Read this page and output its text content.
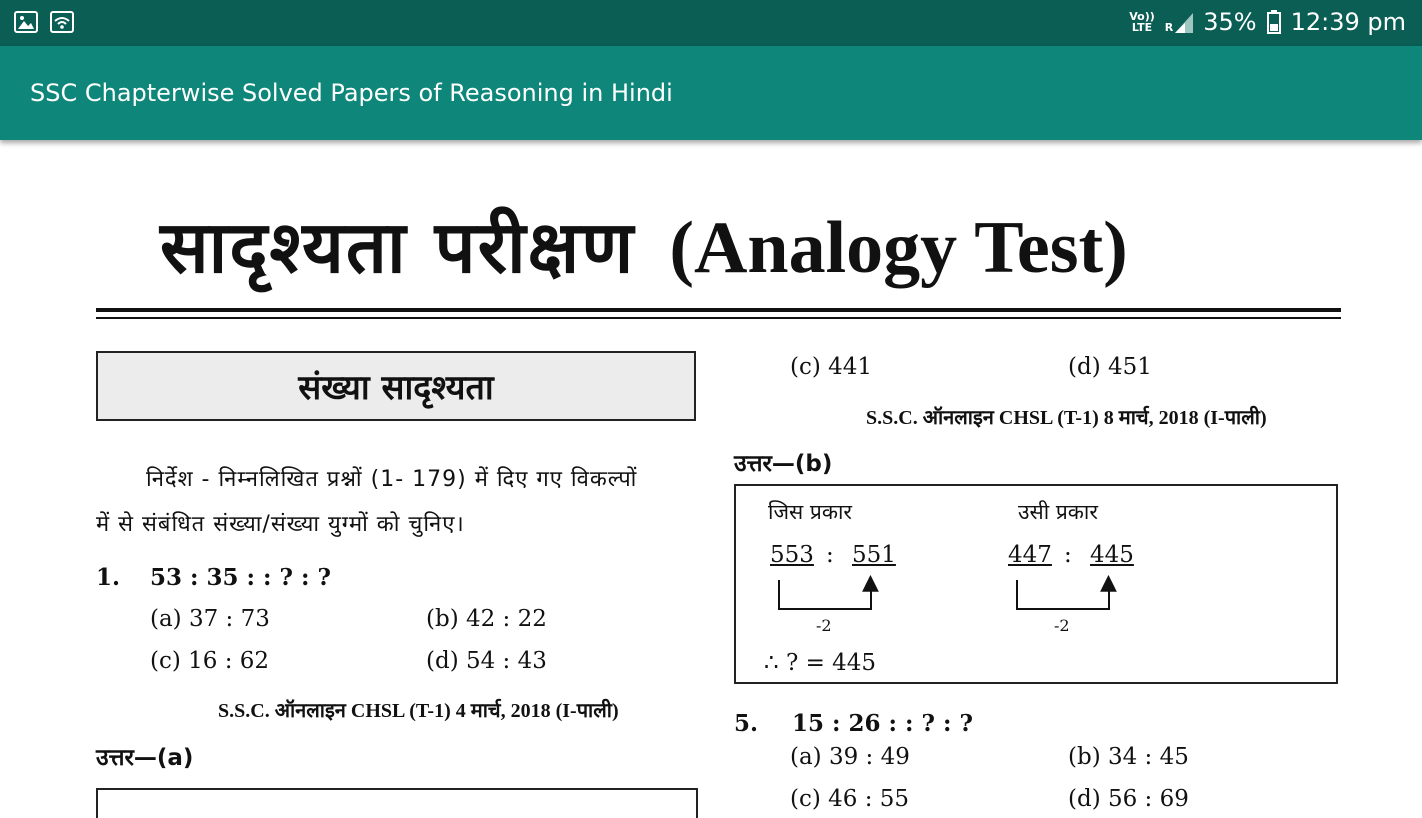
Vo))
LTE R 35% 12:39 pm
SSC Chapterwise Solved Papers of Reasoning in Hindi
सादृश्यता परीक्षण (Analogy Test)
संख्या सादृश्यता
निर्देश - निम्नलिखित प्रश्नों (1- 179) में दिए गए विकल्पों
में से संबंधित संख्या/संख्या युग्मों को चुनिए।
1. 53 : 35 : : ? : ?
(a) 37 : 73	(b) 42 : 22
(c) 16 : 62	(d) 54 : 43
S.S.C. ऑनलाइन CHSL (T-1) 4 मार्च, 2018 (I-पाली)
उत्तर—(a)
(c) 441	(d) 451
S.S.C. ऑनलाइन CHSL (T-1) 8 मार्च, 2018 (I-पाली)
उत्तर—(b)
जिस प्रकार	उसी प्रकार
553 : 551
▲
-2
447 : 445
▲
-2
∴ ? = 445
5. 15 : 26 : : ? : ?
(a) 39 : 49	(b) 34 : 45
(c) 46 : 55	(d) 56 : 69
